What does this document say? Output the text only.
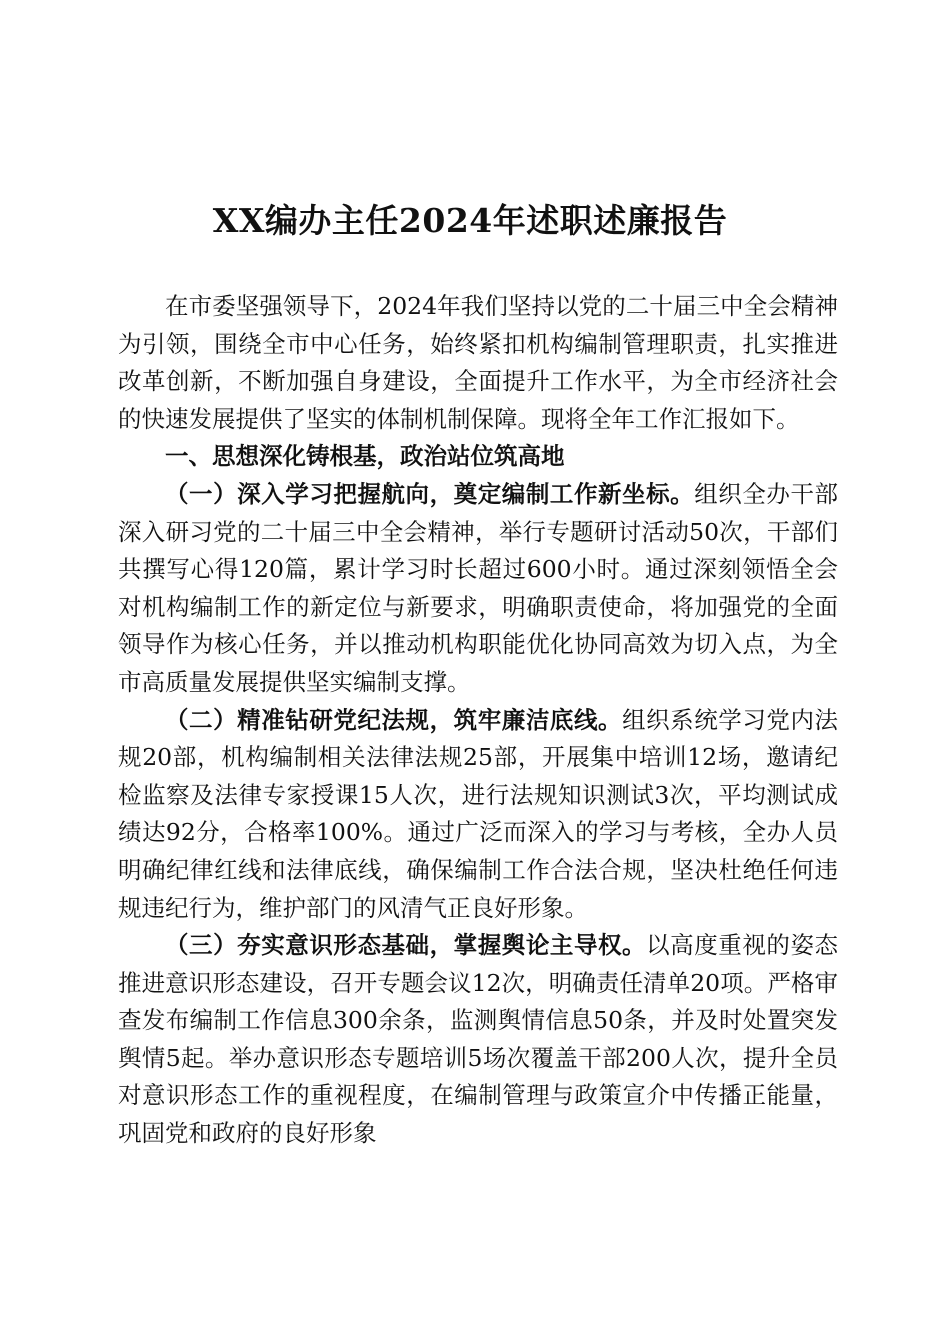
XX编办主任2024年述职述廉报告

在市委坚强领导下，2024年我们坚持以党的二十届三中全会精神为引领，围绕全市中心任务，始终紧扣机构编制管理职责，扎实推进改革创新，不断加强自身建设，全面提升工作水平，为全市经济社会的快速发展提供了坚实的体制机制保障。现将全年工作汇报如下。

一、思想深化铸根基，政治站位筑高地

（一）深入学习把握航向，奠定编制工作新坐标。组织全办干部深入研习党的二十届三中全会精神，举行专题研讨活动50次，干部们共撰写心得120篇，累计学习时长超过600小时。通过深刻领悟全会对机构编制工作的新定位与新要求，明确职责使命，将加强党的全面领导作为核心任务，并以推动机构职能优化协同高效为切入点，为全市高质量发展提供坚实编制支撑。

（二）精准钻研党纪法规，筑牢廉洁底线。组织系统学习党内法规20部，机构编制相关法律法规25部，开展集中培训12场，邀请纪检监察及法律专家授课15人次，进行法规知识测试3次，平均测试成绩达92分，合格率100%。通过广泛而深入的学习与考核，全办人员明确纪律红线和法律底线，确保编制工作合法合规，坚决杜绝任何违规违纪行为，维护部门的风清气正良好形象。

（三）夯实意识形态基础，掌握舆论主导权。以高度重视的姿态推进意识形态建设，召开专题会议12次，明确责任清单20项。严格审查发布编制工作信息300余条，监测舆情信息50条，并及时处置突发舆情5起。举办意识形态专题培训5场次覆盖干部200人次，提升全员对意识形态工作的重视程度，在编制管理与政策宣介中传播正能量，巩固党和政府的良好形象
